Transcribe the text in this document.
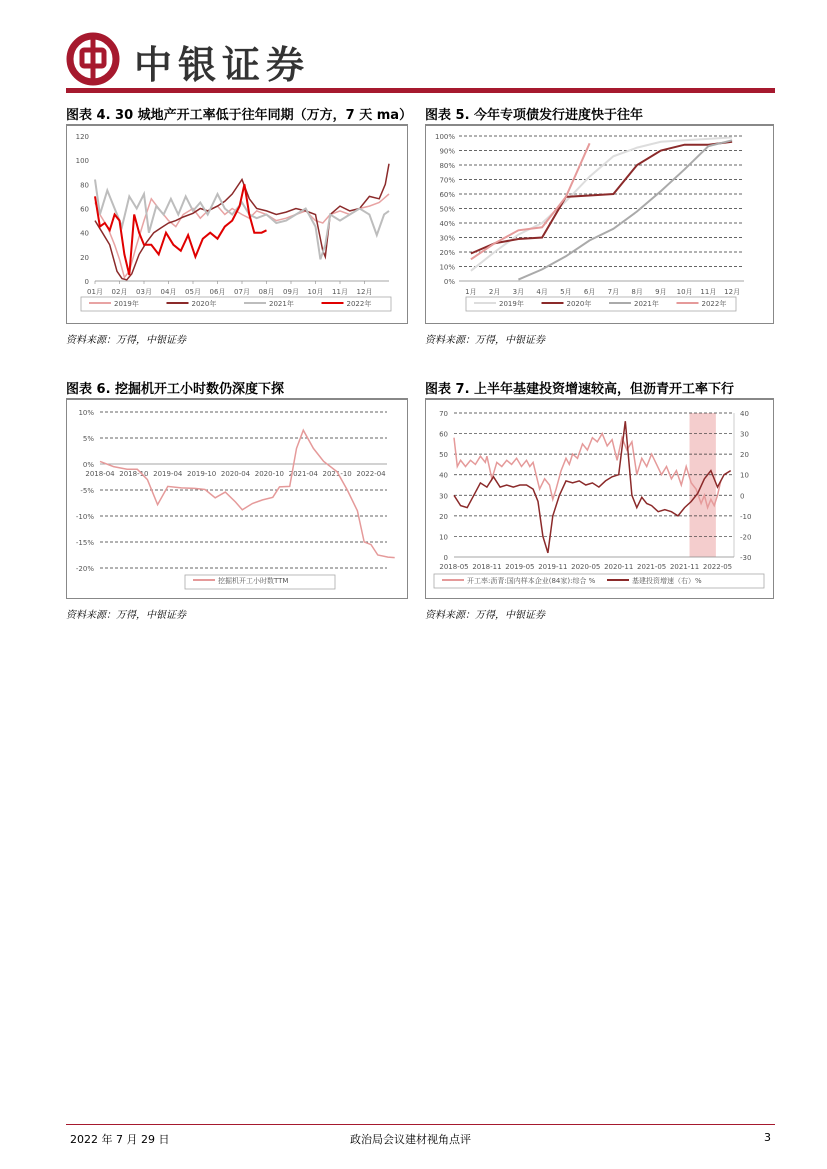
中银证券
图表 4. 30 城地产开工率低于往年同期（万方，7 天 ma）
0
20
40
60
80
100
120
01月 02月 03月 04月 05月 06月 07月 08月 09月 10月 11月 12月
2019年	2020年	2021年	2022年
资料来源：万得，中银证券
图表 5. 今年专项债发行进度快于往年
0%
10%
20%
30%
40%
50%
60%
70%
80%
90%
100%
1月 2月 3月 4月 5月 6月 7月 8月 9月 10月 11月 12月
2019年	2020年	2021年	2022年
资料来源：万得，中银证券
图表 6. 挖掘机开工小时数仍深度下探
-20%
-15%
-10%
-5%
0%
5%
10%
2018-04 2018-10 2019-04 2019-10 2020-04 2020-10 2021-04 2021-10 2022-04
挖掘机开工小时数TTM
资料来源：万得，中银证券
图表 7. 上半年基建投资增速较高，但沥青开工率下行
0
10
20
30
40
50
60
70
-30
-20
-10
0
10
20
30
40
2018-05 2018-11 2019-05 2019-11 2020-05 2020-11 2021-05 2021-11 2022-05
开工率:沥青:国内样本企业(84家):综合 %	基建投资增速（右）%
资料来源：万得，中银证券
2022 年 7 月 29 日	政治局会议建材视角点评	3
